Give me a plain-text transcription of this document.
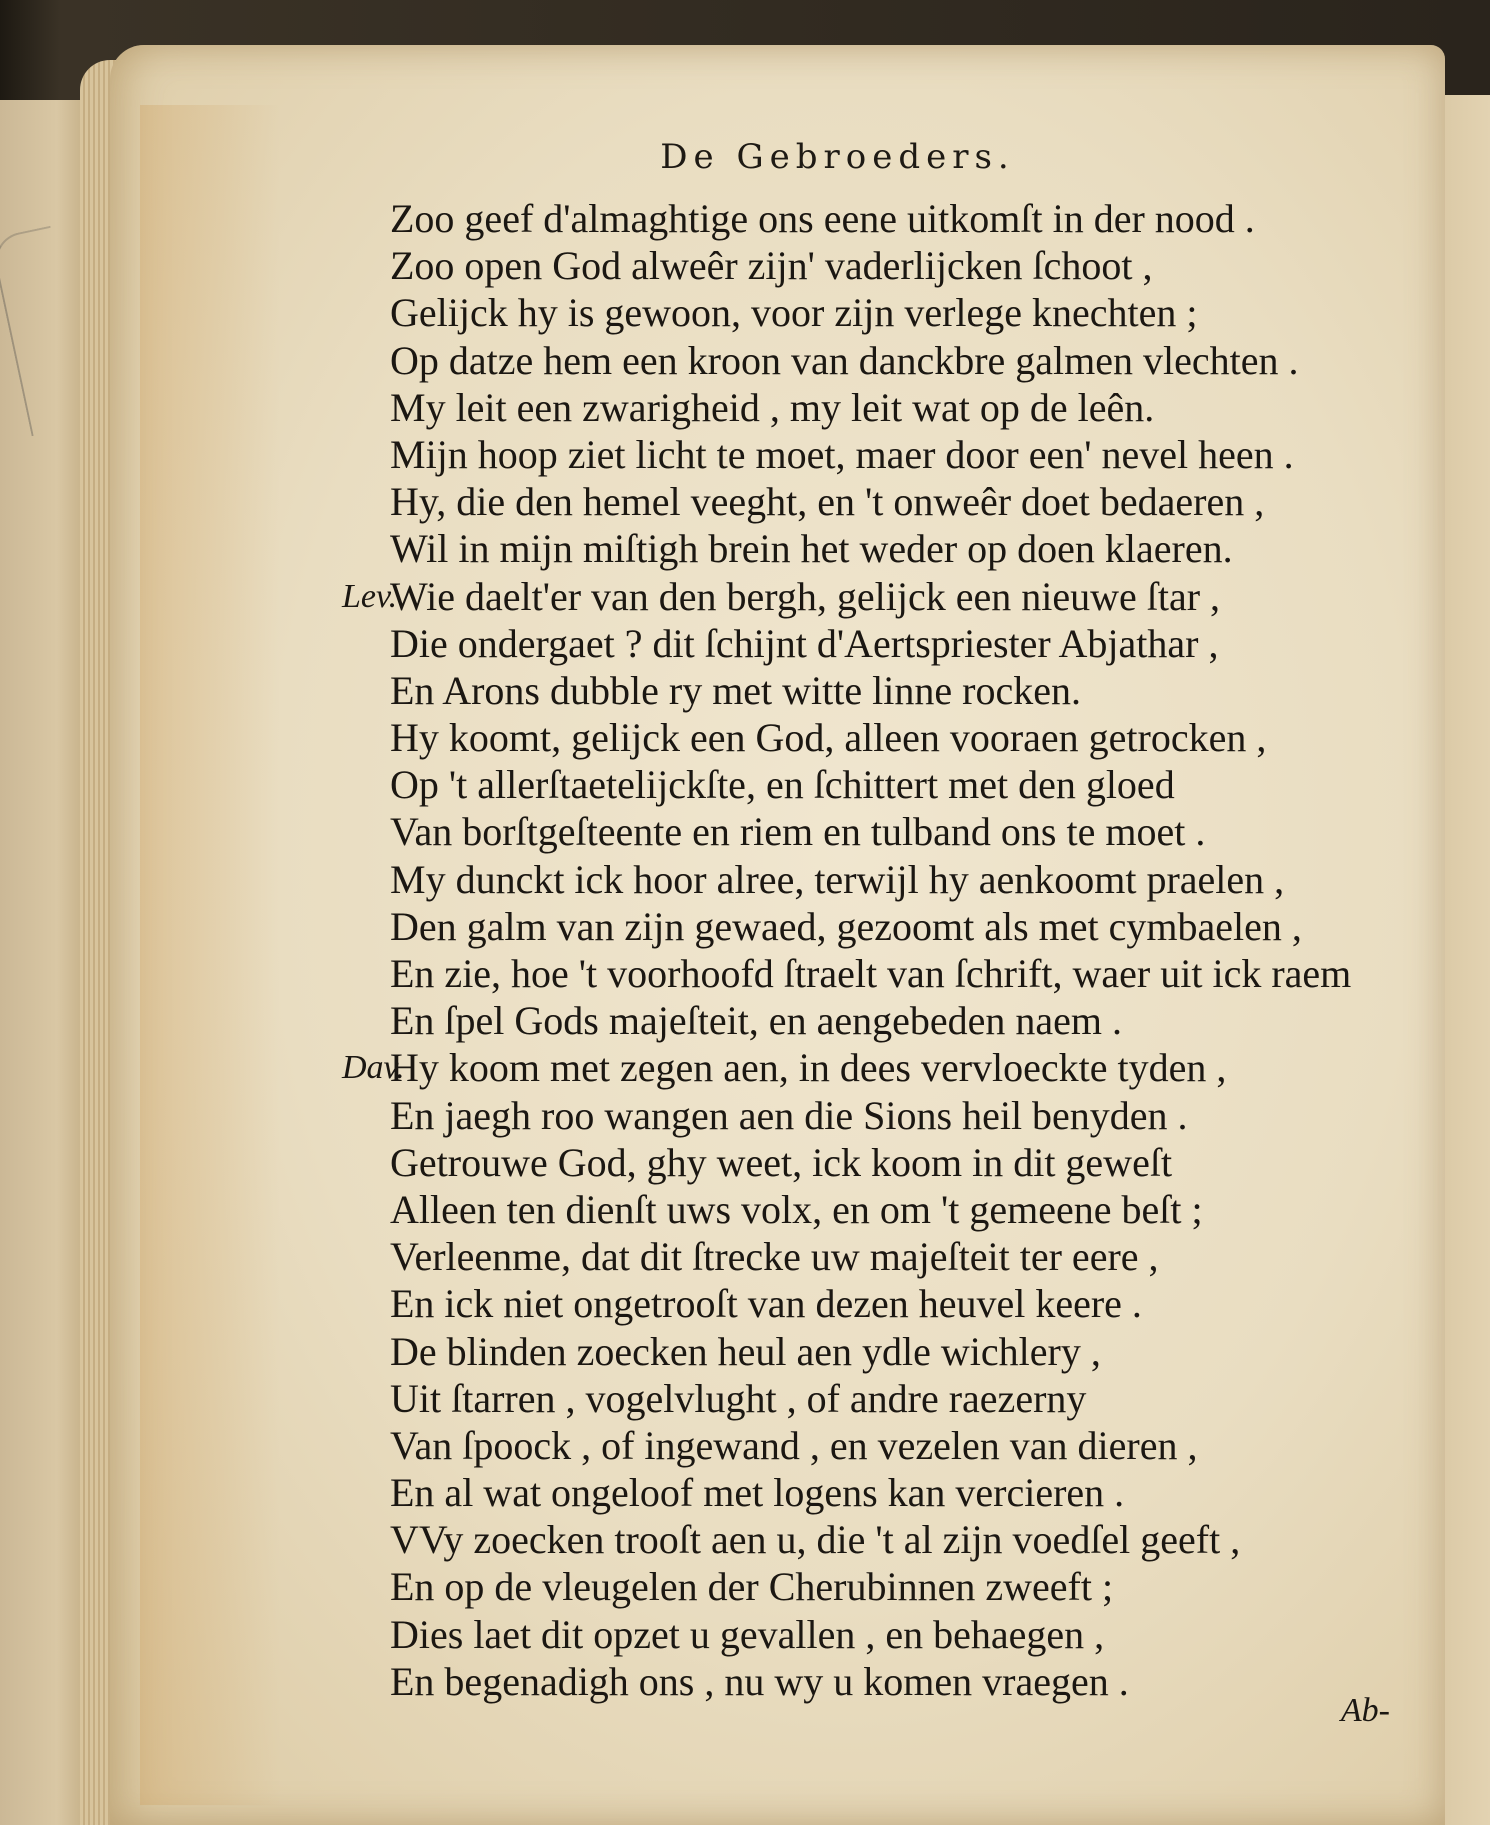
De Gebroeders.
Zoo geef d'almaghtige ons eene uitkomſt in der nood .
Zoo open God alweêr zijn' vaderlijcken ſchoot ,
Gelijck hy is gewoon, voor zijn verlege knechten ;
Op datze hem een kroon van danckbre galmen vlechten .
My leit een zwarigheid , my leit wat op de leên.
Mijn hoop ziet licht te moet, maer door een' nevel heen .
Hy, die den hemel veeght, en 't onweêr doet bedaeren ,
Wil in mijn miſtigh brein het weder op doen klaeren.
Lev.
Wie daelt'er van den bergh, gelijck een nieuwe ſtar ,
Die ondergaet ? dit ſchijnt d'Aertspriester Abjathar ,
En Arons dubble ry met witte linne rocken.
Hy koomt, gelijck een God, alleen vooraen getrocken ,
Op 't allerſtaetelijckſte, en ſchittert met den gloed
Van borſtgeſteente en riem en tulband ons te moet .
My dunckt ick hoor alree, terwijl hy aenkoomt praelen ,
Den galm van zijn gewaed, gezoomt als met cymbaelen ,
En zie, hoe 't voorhoofd ſtraelt van ſchrift, waer uit ick raem
En ſpel Gods majeſteit, en aengebeden naem .
Dav.
Hy koom met zegen aen, in dees vervloeckte tyden ,
En jaegh roo wangen aen die Sions heil benyden .
Getrouwe God, ghy weet, ick koom in dit geweſt
Alleen ten dienſt uws volx, en om 't gemeene beſt ;
Verleenme, dat dit ſtrecke uw majeſteit ter eere ,
En ick niet ongetrooſt van dezen heuvel keere .
De blinden zoecken heul aen ydle wichlery ,
Uit ſtarren , vogelvlught , of andre raezerny
Van ſpoock , of ingewand , en vezelen van dieren ,
En al wat ongeloof met logens kan vercieren .
VVy zoecken trooſt aen u, die 't al zijn voedſel geeft ,
En op de vleugelen der Cherubinnen zweeft ;
Dies laet dit opzet u gevallen , en behaegen ,
En begenadigh ons , nu wy u komen vraegen .
Ab-
